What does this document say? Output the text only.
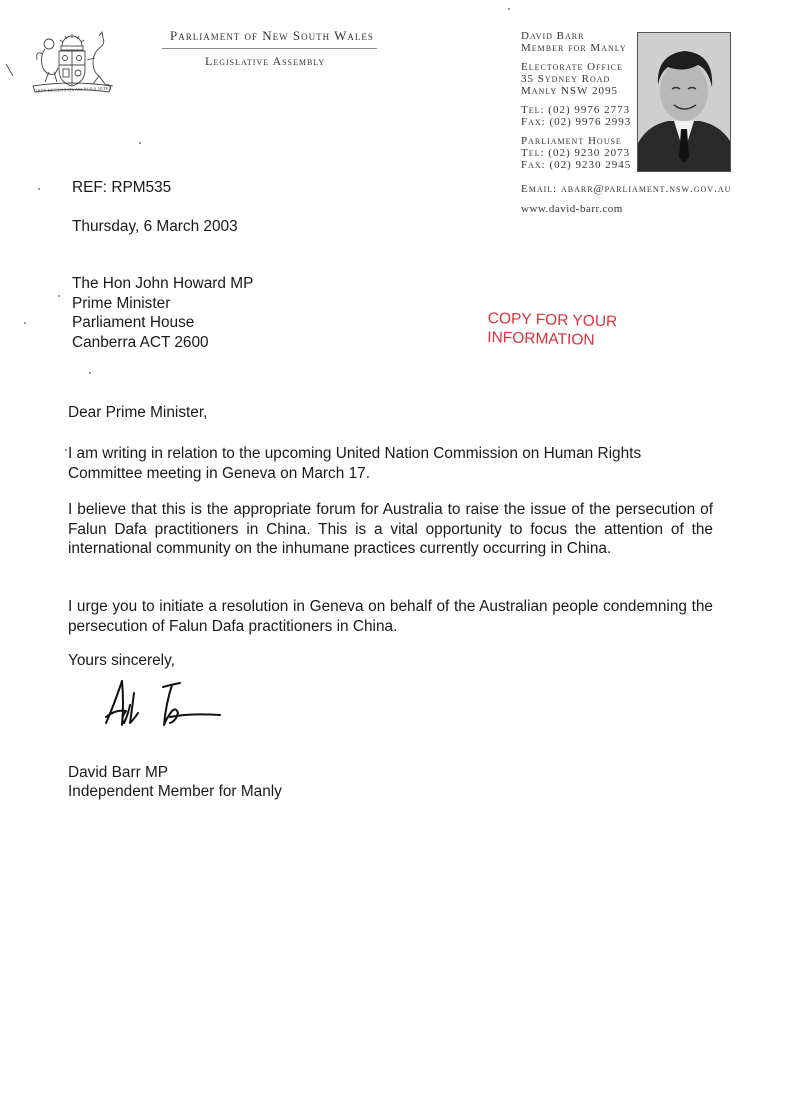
ORTA RECENS QUAM PURA NITES
Parliament of New South Wales
Legislative Assembly
David Barr
Member for Manly
Electorate Office
35 Sydney Road
Manly NSW 2095
Tel: (02) 9976 2773
Fax: (02) 9976 2993
Parliament House
Tel: (02) 9230 2073
Fax: (02) 9230 2945
Email: abarr@parliament.nsw.gov.au
www.david-barr.com
REF: RPM535
Thursday, 6 March 2003
The Hon John Howard MP
Prime Minister
Parliament House
Canberra ACT 2600
COPY FOR YOUR
INFORMATION
Dear Prime Minister,
I am writing in relation to the upcoming United Nation Commission on Human Rights Committee meeting in Geneva on March 17.
I believe that this is the appropriate forum for Australia to raise the issue of the persecution of Falun Dafa practitioners in China. This is a vital opportunity to focus the attention of the international community on the inhumane practices currently occurring in China.
I urge you to initiate a resolution in Geneva on behalf of the Australian people condemning the persecution of Falun Dafa practitioners in China.
Yours sincerely,
David Barr MP
Independent Member for Manly
